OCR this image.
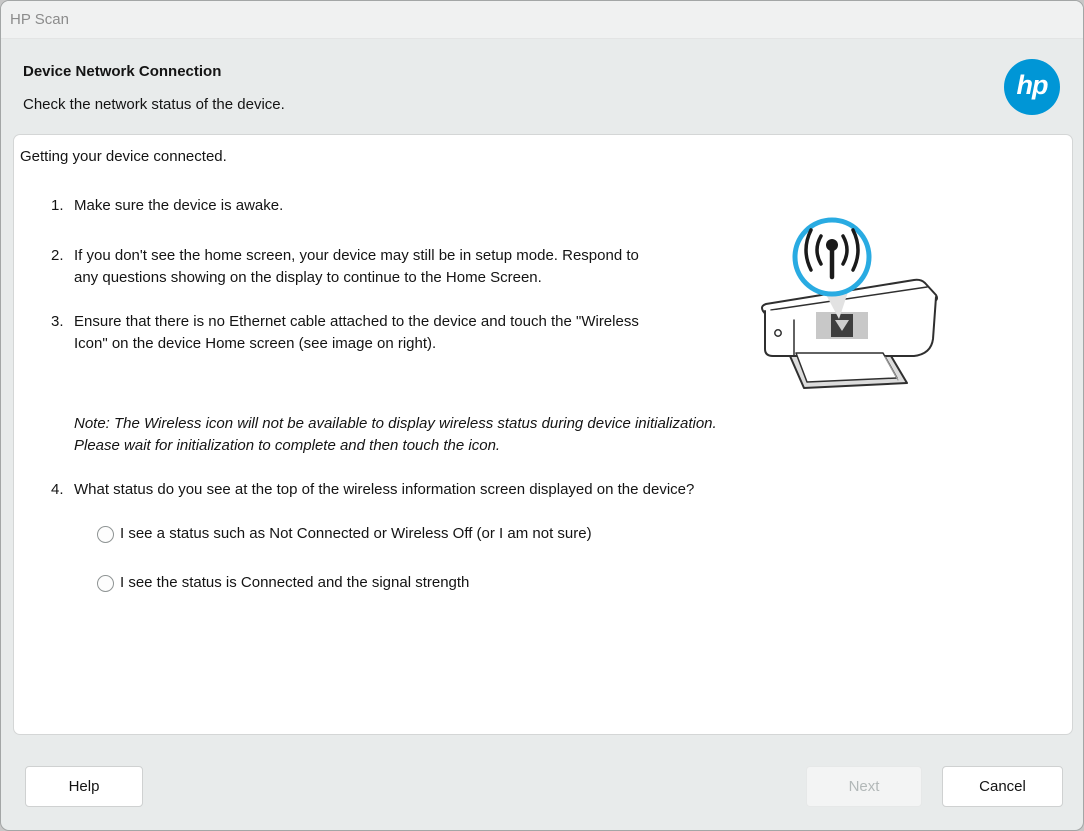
HP Scan
Device Network Connection
Check the network status of the device.
hp
Getting your device connected.
1. Make sure the device is awake.
2. If you don't see the home screen, your device may still be in setup mode. Respond to any questions showing on the display to continue to the Home Screen.
3. Ensure that there is no Ethernet cable attached to the device and touch the "Wireless Icon" on the device Home screen (see image on right).
Note: The Wireless icon will not be available to display wireless status during device initialization. Please wait for initialization to complete and then touch the icon.
4. What status do you see at the top of the wireless information screen displayed on the device?
I see a status such as Not Connected or Wireless Off (or I am not sure)
I see the status is Connected and the signal strength
Help	Next	Cancel
